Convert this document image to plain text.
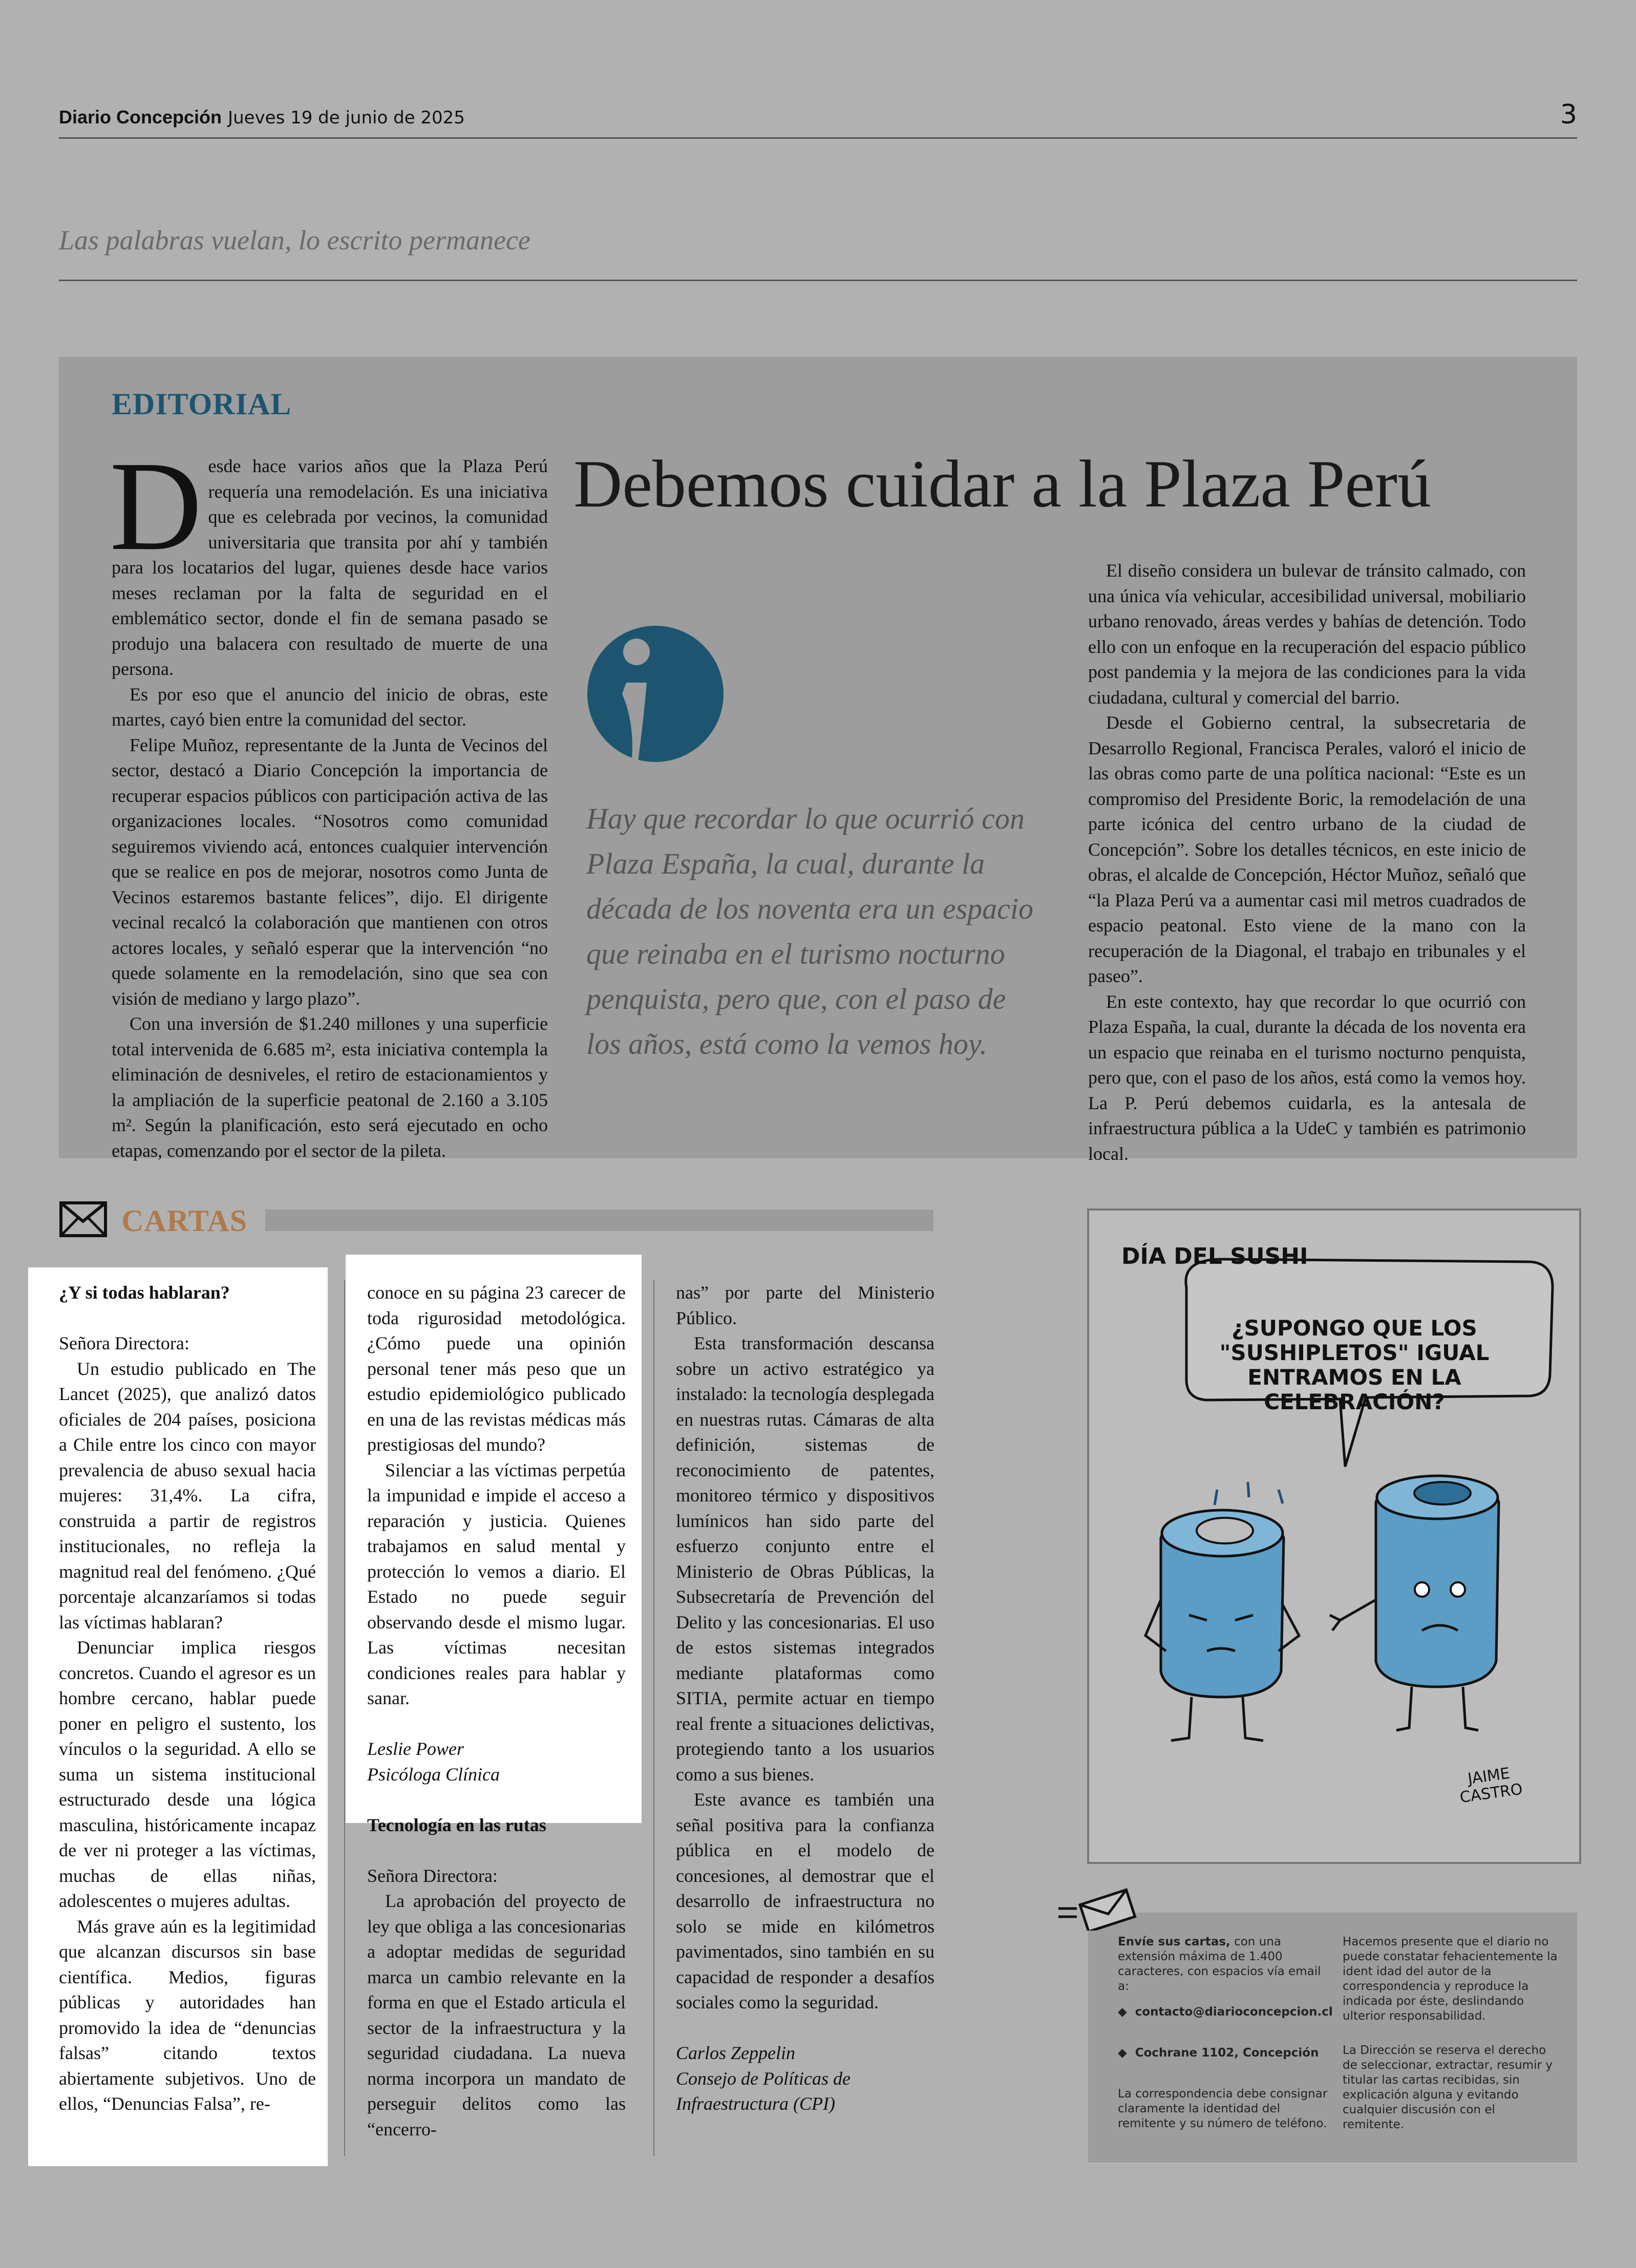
Diario Concepción Jueves 19 de junio de 2025	3
Las palabras vuelan, lo escrito permanece
EDITORIAL

Desde hace varios años que la Plaza Perú requería una remodelación. Es una iniciativa que es celebrada por vecinos, la comunidad universitaria que transita por ahí y también para los locatarios del lugar, quienes desde hace varios meses reclaman por la falta de seguridad en el emblemático sector, donde el fin de semana pasado se produjo una balacera con resultado de muerte de una persona.

Es por eso que el anuncio del inicio de obras, este martes, cayó bien entre la comunidad del sector.

Felipe Muñoz, representante de la Junta de Vecinos del sector, destacó a Diario Concepción la importancia de recuperar espacios públicos con participación activa de las organizaciones locales. “Nosotros como comunidad seguiremos viviendo acá, entonces cualquier intervención que se realice en pos de mejorar, nosotros como Junta de Vecinos estaremos bastante felices”, dijo. El dirigente vecinal recalcó la colaboración que mantienen con otros actores locales, y señaló esperar que la intervención “no quede solamente en la remodelación, sino que sea con visión de mediano y largo plazo”.

Con una inversión de $1.240 millones y una superficie total intervenida de 6.685 m², esta iniciativa contempla la eliminación de desniveles, el retiro de estacionamientos y la ampliación de la superficie peatonal de 2.160 a 3.105 m². Según la planificación, esto será ejecutado en ocho etapas, comenzando por el sector de la pileta.

Debemos cuidar a la Plaza Perú
Hay que recordar lo que ocurrió con Plaza España, la cual, durante la década de los noventa era un espacio que reinaba en el turismo nocturno penquista, pero que, con el paso de los años, está como la vemos hoy.

El diseño considera un bulevar de tránsito calmado, con una única vía vehicular, accesibilidad universal, mobiliario urbano renovado, áreas verdes y bahías de detención. Todo ello con un enfoque en la recuperación del espacio público post pandemia y la mejora de las condiciones para la vida ciudadana, cultural y comercial del barrio.

Desde el Gobierno central, la subsecretaria de Desarrollo Regional, Francisca Perales, valoró el inicio de las obras como parte de una política nacional: “Este es un compromiso del Presidente Boric, la remodelación de una parte icónica del centro urbano de la ciudad de Concepción”. Sobre los detalles técnicos, en este inicio de obras, el alcalde de Concepción, Héctor Muñoz, señaló que “la Plaza Perú va a aumentar casi mil metros cuadrados de espacio peatonal. Esto viene de la mano con la recuperación de la Diagonal, el trabajo en tribunales y el paseo”.

En este contexto, hay que recordar lo que ocurrió con Plaza España, la cual, durante la década de los noventa era un espacio que reinaba en el turismo nocturno penquista, pero que, con el paso de los años, está como la vemos hoy. La P. Perú debemos cuidarla, es la antesala de infraestructura pública a la UdeC y también es patrimonio local.

CARTAS

¿Y si todas hablaran?

Señora Directora:

Un estudio publicado en The Lancet (2025), que analizó datos oficiales de 204 países, posiciona a Chile entre los cinco con mayor prevalencia de abuso sexual hacia mujeres: 31,4%. La cifra, construida a partir de registros institucionales, no refleja la magnitud real del fenómeno. ¿Qué porcentaje alcanzaríamos si todas las víctimas hablaran?

Denunciar implica riesgos concretos. Cuando el agresor es un hombre cercano, hablar puede poner en peligro el sustento, los vínculos o la seguridad. A ello se suma un sistema institucional estructurado desde una lógica masculina, históricamente incapaz de ver ni proteger a las víctimas, muchas de ellas niñas, adolescentes o mujeres adultas.

Más grave aún es la legitimidad que alcanzan discursos sin base científica. Medios, figuras públicas y autoridades han promovido la idea de “denuncias falsas” citando textos abiertamente subjetivos. Uno de ellos, “Denuncias Falsa”, re-

conoce en su página 23 carecer de toda rigurosidad metodológica. ¿Cómo puede una opinión personal tener más peso que un estudio epidemiológico publicado en una de las revistas médicas más prestigiosas del mundo?

Silenciar a las víctimas perpetúa la impunidad e impide el acceso a reparación y justicia. Quienes trabajamos en salud mental y protección lo vemos a diario. El Estado no puede seguir observando desde el mismo lugar. Las víctimas necesitan condiciones reales para hablar y sanar.

Leslie Power

Psicóloga Clínica

Tecnología en las rutas

Señora Directora:

La aprobación del proyecto de ley que obliga a las concesionarias a adoptar medidas de seguridad marca un cambio relevante en la forma en que el Estado articula el sector de la infraestructura y la seguridad ciudadana. La nueva norma incorpora un mandato de perseguir delitos como las “encerro-

nas” por parte del Ministerio Público.

Esta transformación descansa sobre un activo estratégico ya instalado: la tecnología desplegada en nuestras rutas. Cámaras de alta definición, sistemas de reconocimiento de patentes, monitoreo térmico y dispositivos lumínicos han sido parte del esfuerzo conjunto entre el Ministerio de Obras Públicas, la Subsecretaría de Prevención del Delito y las concesionarias. El uso de estos sistemas integrados mediante plataformas como SITIA, permite actuar en tiempo real frente a situaciones delictivas, protegiendo tanto a los usuarios como a sus bienes.

Este avance es también una señal positiva para la confianza pública en el modelo de concesiones, al demostrar que el desarrollo de infraestructura no solo se mide en kilómetros pavimentados, sino también en su capacidad de responder a desafíos sociales como la seguridad.

Carlos Zeppelin

Consejo de Políticas de

Infraestructura (CPI)

DÍA DEL SUSHI
¿SUPONGO QUE LOS "SUSHIPLETOS" IGUAL ENTRAMOS EN LA CELEBRACIÓN?
JAIME CASTRO
Envíe sus cartas, con una extensión máxima de 1.400 caracteres, con espacios vía email a:
◆  contacto@diarioconcepcion.cl
◆  Cochrane 1102, Concepción
La correspondencia debe consignar claramente la identidad del remitente y su número de teléfono.
Hacemos presente que el diario no puede constatar fehacientemente la ident idad del autor de la correspondencia y reproduce la indicada por éste, deslindando ulterior responsabilidad.
La Dirección se reserva el derecho de seleccionar, extractar, resumir y titular las cartas recibidas, sin explicación alguna y evitando cualquier discusión con el remitente.
